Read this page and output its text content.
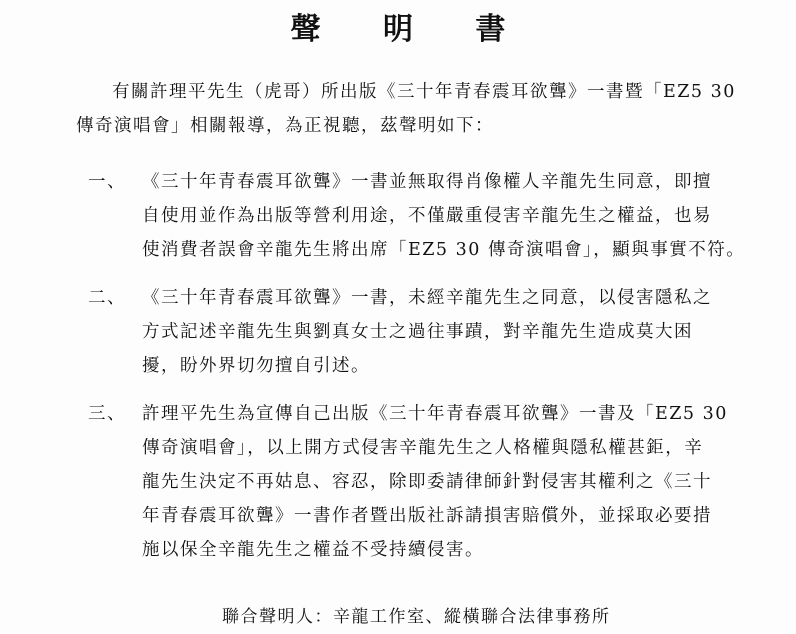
聲 明 書
有關許理平先生（虎哥）所出版《三十年青春震耳欲聾》一書暨「EZ5 30
傳奇演唱會」相關報導，為正視聽，茲聲明如下：
一、 《三十年青春震耳欲聾》一書並無取得肖像權人辛龍先生同意，即擅
自使用並作為出版等營利用途，不僅嚴重侵害辛龍先生之權益，也易
使消費者誤會辛龍先生將出席「EZ5 30 傳奇演唱會」，顯與事實不符。
二、 《三十年青春震耳欲聾》一書，未經辛龍先生之同意，以侵害隱私之
方式記述辛龍先生與劉真女士之過往事蹟，對辛龍先生造成莫大困
擾，盼外界切勿擅自引述。
三、 許理平先生為宣傳自己出版《三十年青春震耳欲聾》一書及「EZ5 30
傳奇演唱會」，以上開方式侵害辛龍先生之人格權與隱私權甚鉅，辛
龍先生決定不再姑息、容忍，除即委請律師針對侵害其權利之《三十
年青春震耳欲聾》一書作者暨出版社訴請損害賠償外，並採取必要措
施以保全辛龍先生之權益不受持續侵害。
聯合聲明人：辛龍工作室、縱橫聯合法律事務所
